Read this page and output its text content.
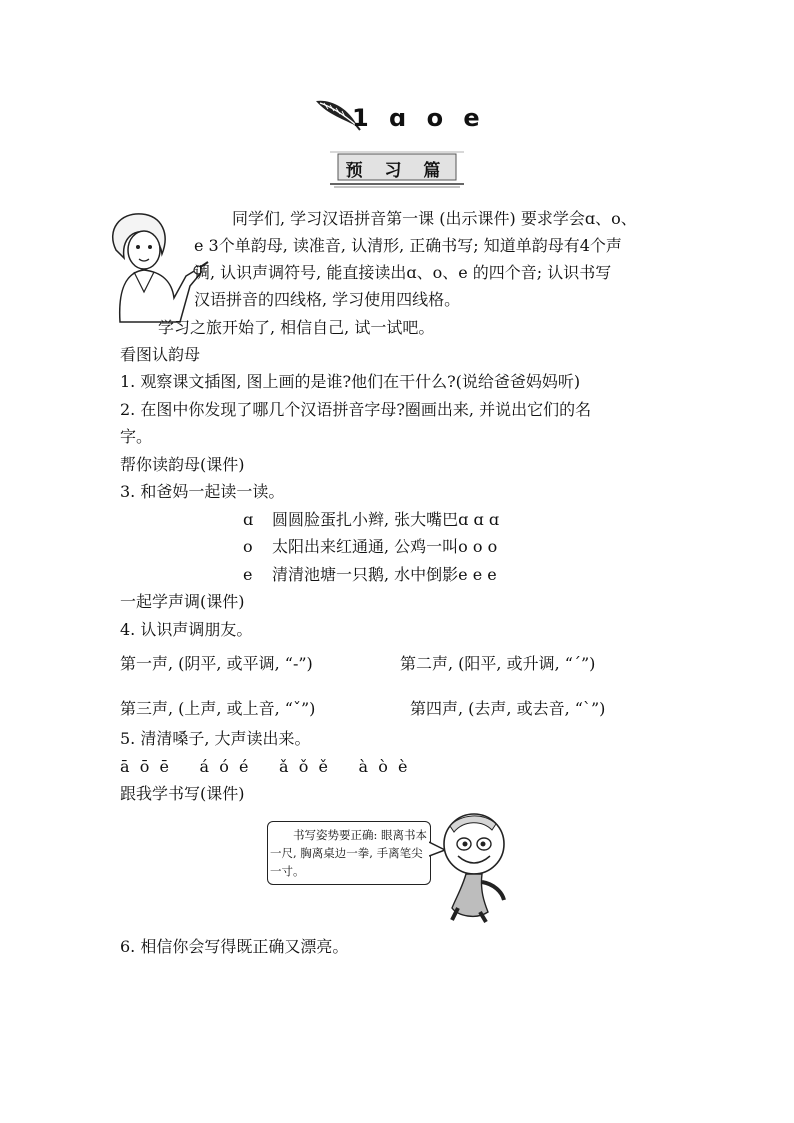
1 ɑ o e
预 习 篇
同学们, 学习汉语拼音第一课 (出示课件) 要求学会ɑ、o、
e 3个单韵母, 读准音, 认清形, 正确书写; 知道单韵母有4个声
调, 认识声调符号, 能直接读出ɑ、o、e 的四个音; 认识书写
汉语拼音的四线格, 学习使用四线格。
学习之旅开始了, 相信自己, 试一试吧。
看图认韵母
1. 观察课文插图, 图上画的是谁?他们在干什么?(说给爸爸妈妈听)
2. 在图中你发现了哪几个汉语拼音字母?圈画出来, 并说出它们的名
字。
帮你读韵母(课件)
3. 和爸妈一起读一读。
ɑ 圆圆脸蛋扎小辫, 张大嘴巴ɑ ɑ ɑ
o 太阳出来红通通, 公鸡一叫o o o
e 清清池塘一只鹅, 水中倒影e e e
一起学声调(课件)
4. 认识声调朋友。
第一声, (阴平, 或平调, “-”)	第二声, (阳平, 或升调, “ˊ”)
第三声, (上声, 或上音, “ˇ”)	第四声, (去声, 或去音, “ˋ”)
5. 清清嗓子, 大声读出来。
ā  ō  ē      á  ó  é      ǎ  ǒ  ě      à  ò  è
跟我学书写(课件)
书写姿势要正确: 眼离书本一尺, 胸离桌边一拳, 手离笔尖一寸。
6. 相信你会写得既正确又漂亮。
